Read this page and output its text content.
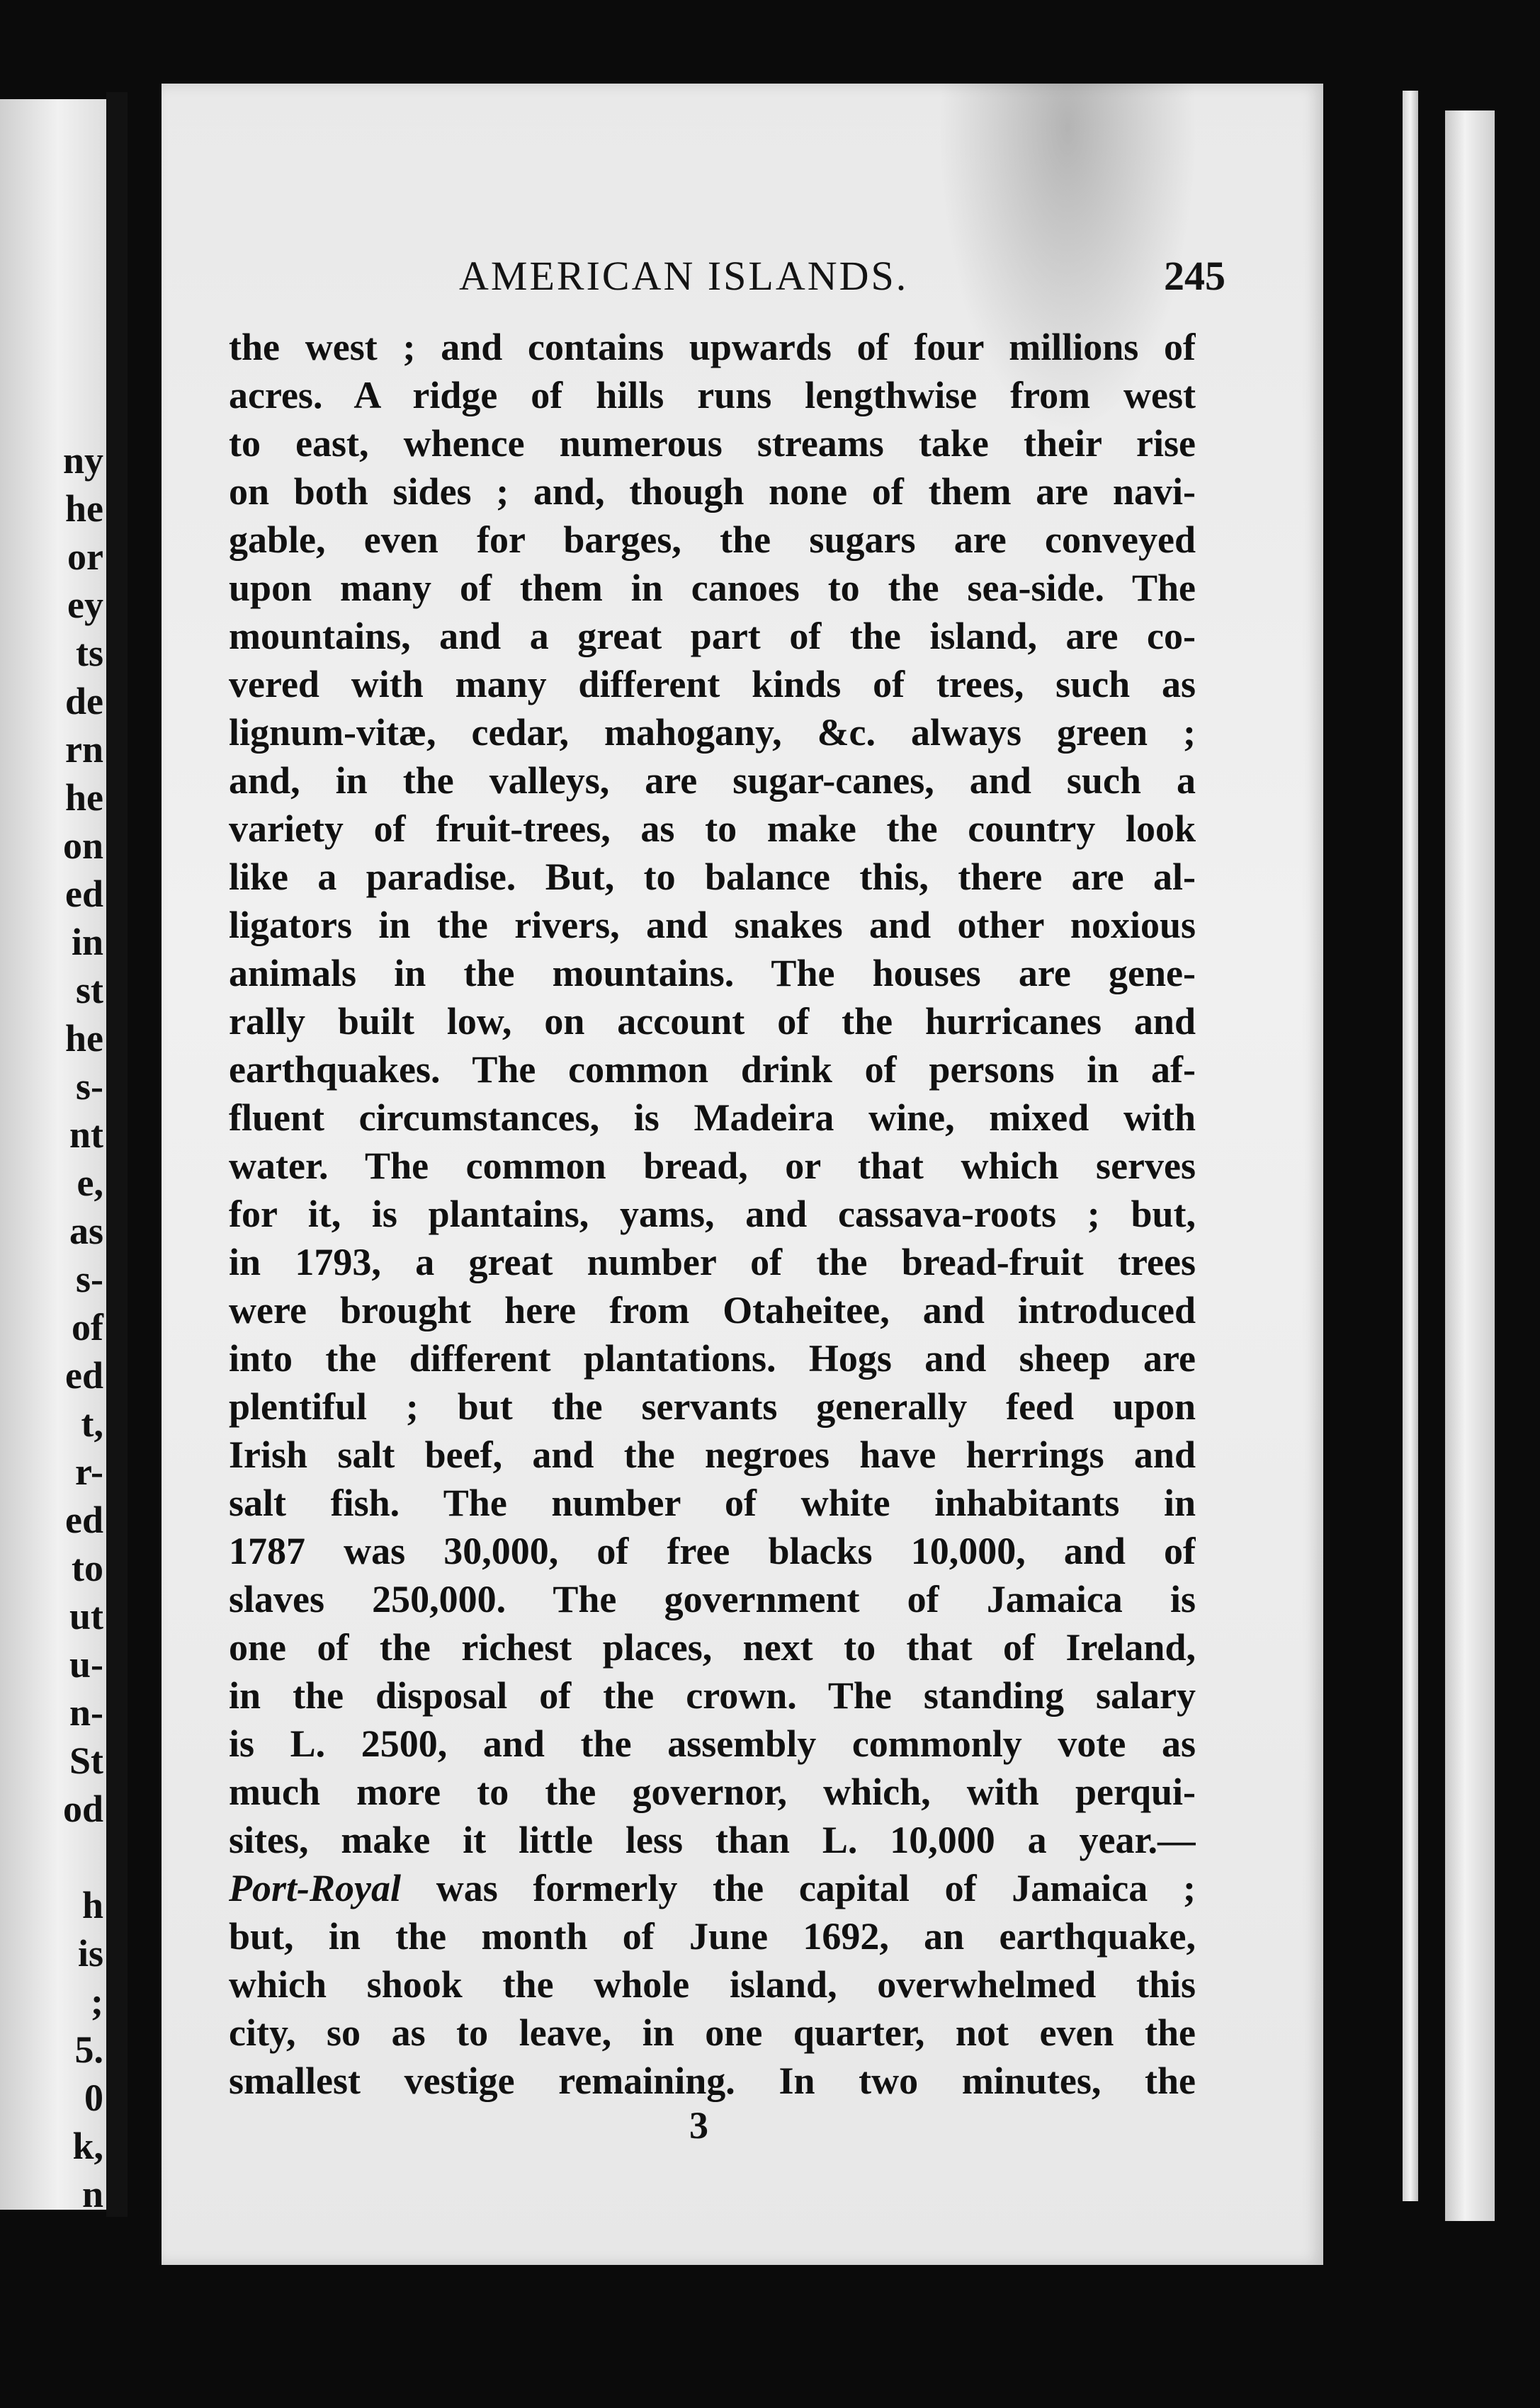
ny
he
or
ey
ts
de
rn
he
on
ed
in
st
he
s-
nt
e,
as
s-
of
ed
t,
r-
ed
to
ut
u-
n-
St
od
h
is
;
5.
0
k,
n
AMERICAN ISLANDS.	245
the west ; and contains upwards of four millions of
acres. A ridge of hills runs lengthwise from west
to east, whence numerous streams take their rise
on both sides ; and, though none of them are navi-
gable, even for barges, the sugars are conveyed
upon many of them in canoes to the sea-side. The
mountains, and a great part of the island, are co-
vered with many different kinds of trees, such as
lignum-vitæ, cedar, mahogany, &c. always green ;
and, in the valleys, are sugar-canes, and such a
variety of fruit-trees, as to make the country look
like a paradise. But, to balance this, there are al-
ligators in the rivers, and snakes and other noxious
animals in the mountains. The houses are gene-
rally built low, on account of the hurricanes and
earthquakes. The common drink of persons in af-
fluent circumstances, is Madeira wine, mixed with
water. The common bread, or that which serves
for it, is plantains, yams, and cassava-roots ; but,
in 1793, a great number of the bread-fruit trees
were brought here from Otaheitee, and introduced
into the different plantations. Hogs and sheep are
plentiful ; but the servants generally feed upon
Irish salt beef, and the negroes have herrings and
salt fish. The number of white inhabitants in
1787 was 30,000, of free blacks 10,000, and of
slaves 250,000. The government of Jamaica is
one of the richest places, next to that of Ireland,
in the disposal of the crown. The standing salary
is L. 2500, and the assembly commonly vote as
much more to the governor, which, with perqui-
sites, make it little less than L. 10,000 a year.—
Port-Royal was formerly the capital of Jamaica ;
but, in the month of June 1692, an earthquake,
which shook the whole island, overwhelmed this
city, so as to leave, in one quarter, not even the
smallest vestige remaining. In two minutes, the
3
